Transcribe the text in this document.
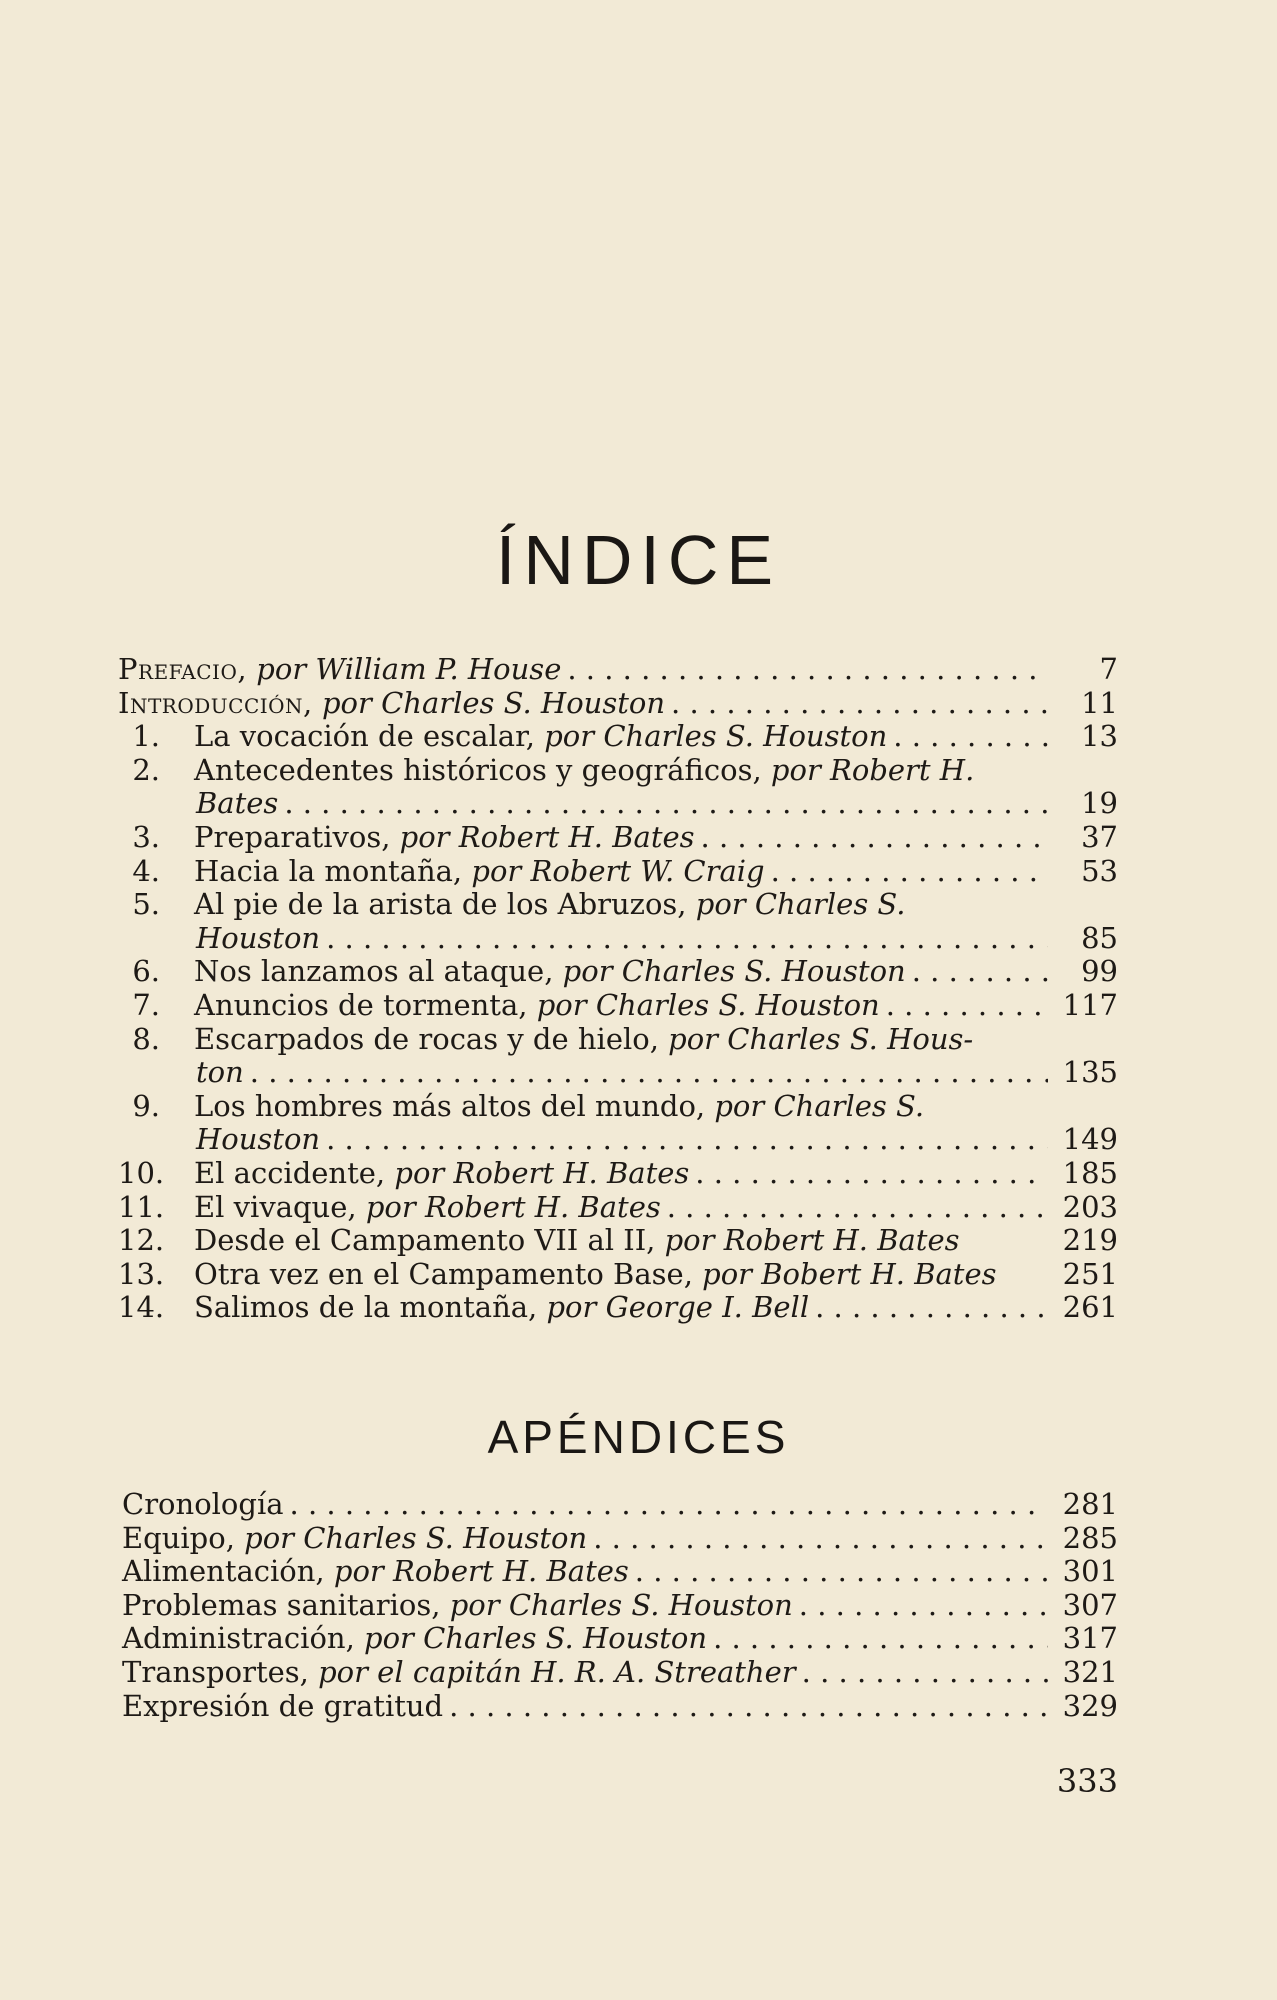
ÍNDICE
Prefacio, por William P. House . . .	7
Introducción, por Charles S. Houston . . .	11
1. La vocación de escalar, por Charles S. Houston . . .	13
2. Antecedentes históricos y geográficos, por Robert H.
Bates . . .	19
3. Preparativos, por Robert H. Bates . . .	37
4. Hacia la montaña, por Robert W. Craig . . .	53
5. Al pie de la arista de los Abruzos, por Charles S.
Houston . . .	85
6. Nos lanzamos al ataque, por Charles S. Houston . . .	99
7. Anuncios de tormenta, por Charles S. Houston . . .	117
8. Escarpados de rocas y de hielo, por Charles S. Hous-
ton . . .	135
9. Los hombres más altos del mundo, por Charles S.
Houston . . .	149
10. El accidente, por Robert H. Bates . . .	185
11. El vivaque, por Robert H. Bates . . .	203
12. Desde el Campamento VII al II, por Robert H. Bates	219
13. Otra vez en el Campamento Base, por Bobert H. Bates 251
14. Salimos de la montaña, por George I. Bell . . .	261
APÉNDICES
Cronología . . .	281
Equipo, por Charles S. Houston . . .	285
Alimentación, por Robert H. Bates . . .	301
Problemas sanitarios, por Charles S. Houston . . .	307
Administración, por Charles S. Houston . . .	317
Transportes, por el capitán H. R. A. Streather . . .	321
Expresión de gratitud . . .	329
333
